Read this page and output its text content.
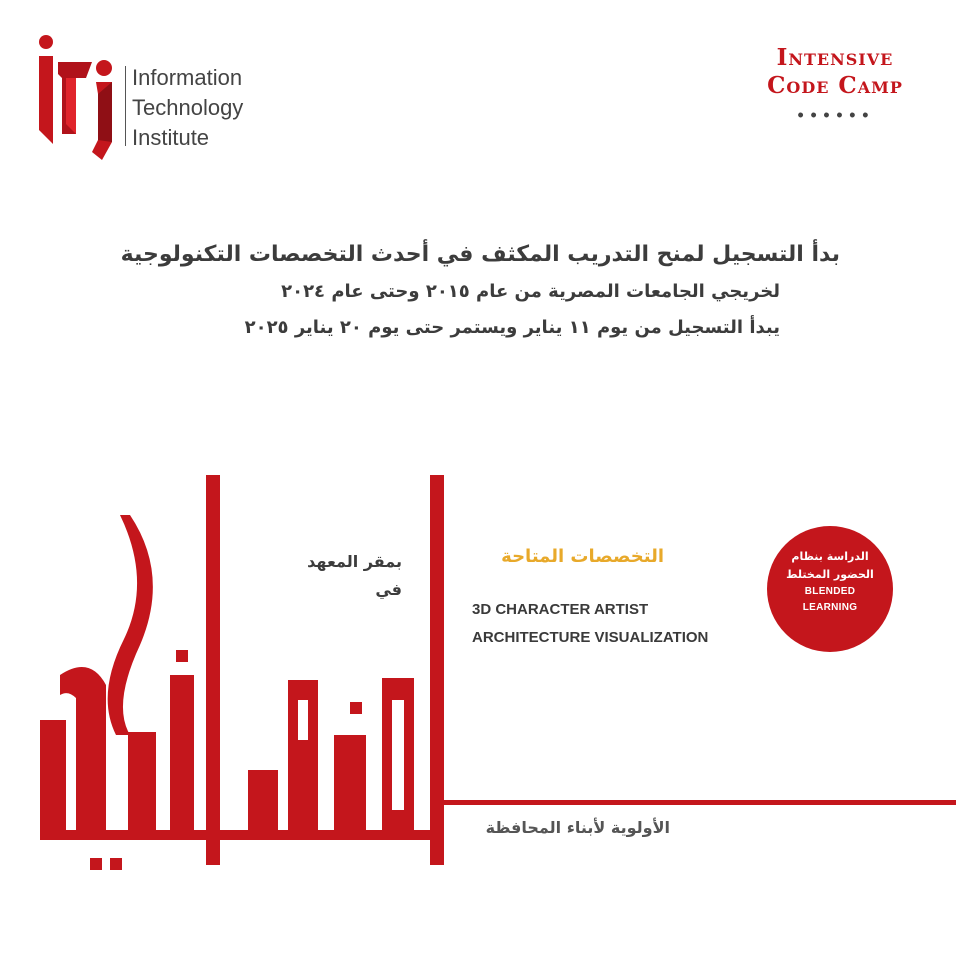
Information
Technology
Institute
Intensive
Code Camp
••••••
بدأ التسجيل لمنح التدريب المكثف في أحدث التخصصات التكنولوجية
لخريجي الجامعات المصرية من عام ٢٠١٥ وحتى عام ٢٠٢٤
يبدأ التسجيل من يوم ١١ يناير ويستمر حتى يوم ٢٠ يناير ٢٠٢٥
بمقر المعهد
في
التخصصات المتاحة
3D CHARACTER ARTIST
ARCHITECTURE VISUALIZATION
الدراسة بنظام
الحضور المختلط
BLENDED
LEARNING
الأولوية لأبناء المحافظة
